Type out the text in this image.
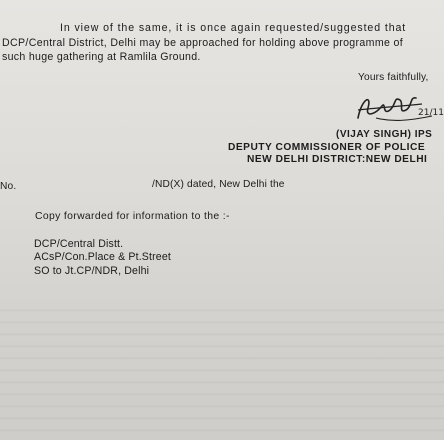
In view of the same, it is once again requested/suggested that
DCP/Central District, Delhi may be approached for holding above programme of
such huge gathering at Ramlila Ground.
Yours faithfully,
21/11
(VIJAY SINGH) IPS
DEPUTY COMMISSIONER OF POLICE
NEW DELHI DISTRICT:NEW DELHI
No.	/ND(X) dated, New Delhi the
Copy forwarded for information to the :-
DCP/Central Distt.
ACsP/Con.Place & Pt.Street
SO to Jt.CP/NDR, Delhi
